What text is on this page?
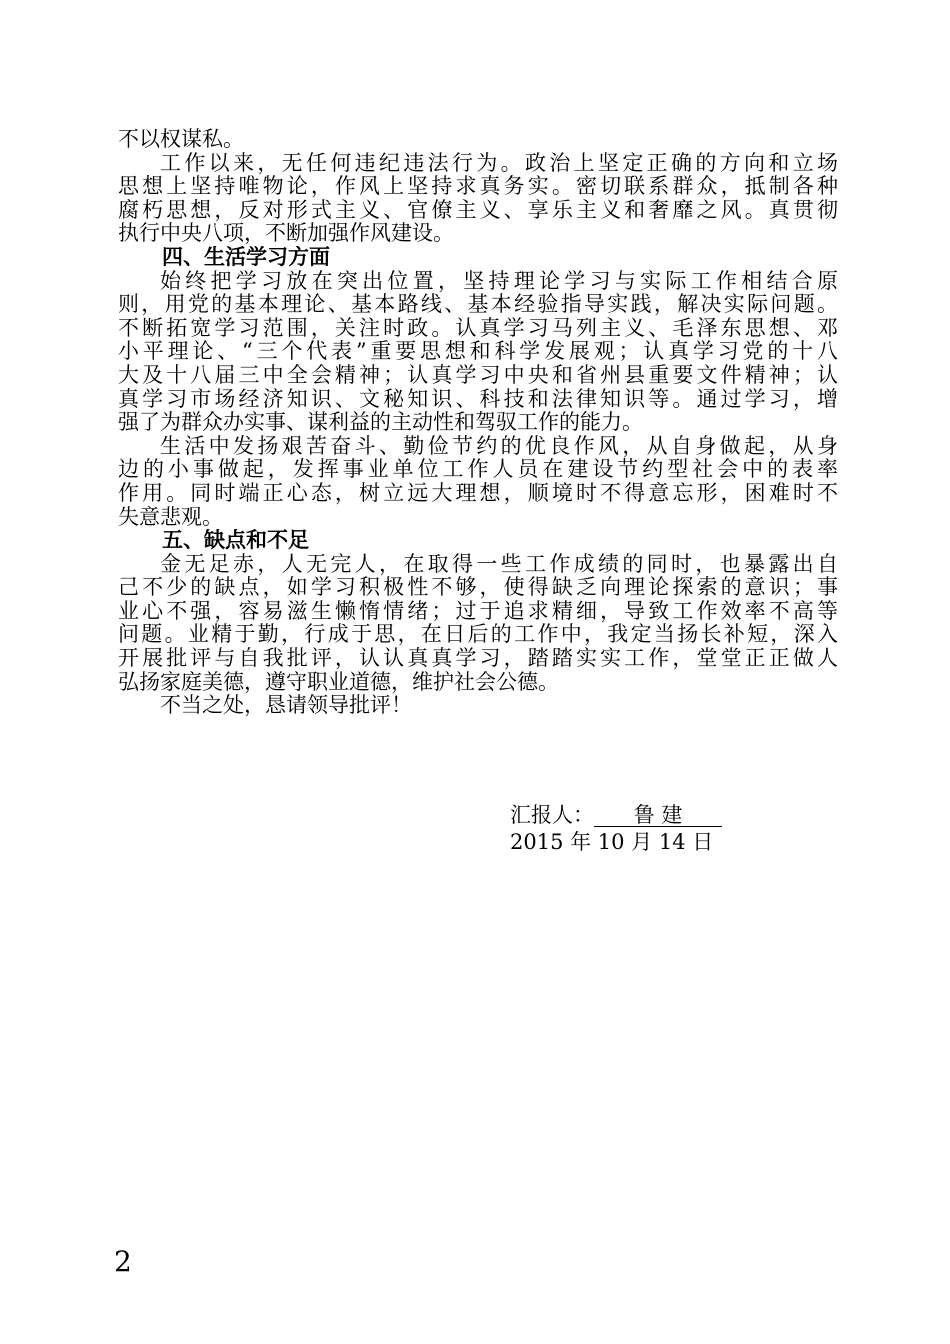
不以权谋私。
工作以来，无任何违纪违法行为。政治上坚定正确的方向和立场
思想上坚持唯物论，作风上坚持求真务实。密切联系群众，抵制各种
腐朽思想，反对形式主义、官僚主义、享乐主义和奢靡之风。真贯彻
执行中央八项，不断加强作风建设。
四、生活学习方面
始终把学习放在突出位置，坚持理论学习与实际工作相结合原
则，用党的基本理论、基本路线、基本经验指导实践，解决实际问题。
不断拓宽学习范围，关注时政。认真学习马列主义、毛泽东思想、邓
小平理论、“三个代表”重要思想和科学发展观；认真学习党的十八
大及十八届三中全会精神；认真学习中央和省州县重要文件精神；认
真学习市场经济知识、文秘知识、科技和法律知识等。通过学习，增
强了为群众办实事、谋利益的主动性和驾驭工作的能力。
生活中发扬艰苦奋斗、勤俭节约的优良作风，从自身做起，从身
边的小事做起，发挥事业单位工作人员在建设节约型社会中的表率
作用。同时端正心态，树立远大理想，顺境时不得意忘形，困难时不
失意悲观。
五、缺点和不足
金无足赤，人无完人，在取得一些工作成绩的同时，也暴露出自
己不少的缺点，如学习积极性不够，使得缺乏向理论探索的意识；事
业心不强，容易滋生懒惰情绪；过于追求精细，导致工作效率不高等
问题。业精于勤，行成于思，在日后的工作中，我定当扬长补短，深入
开展批评与自我批评，认认真真学习，踏踏实实工作，堂堂正正做人
弘扬家庭美德，遵守职业道德，维护社会公德。
不当之处，恳请领导批评！
汇报人： 鲁 建
2015 年 10 月 14 日
2
